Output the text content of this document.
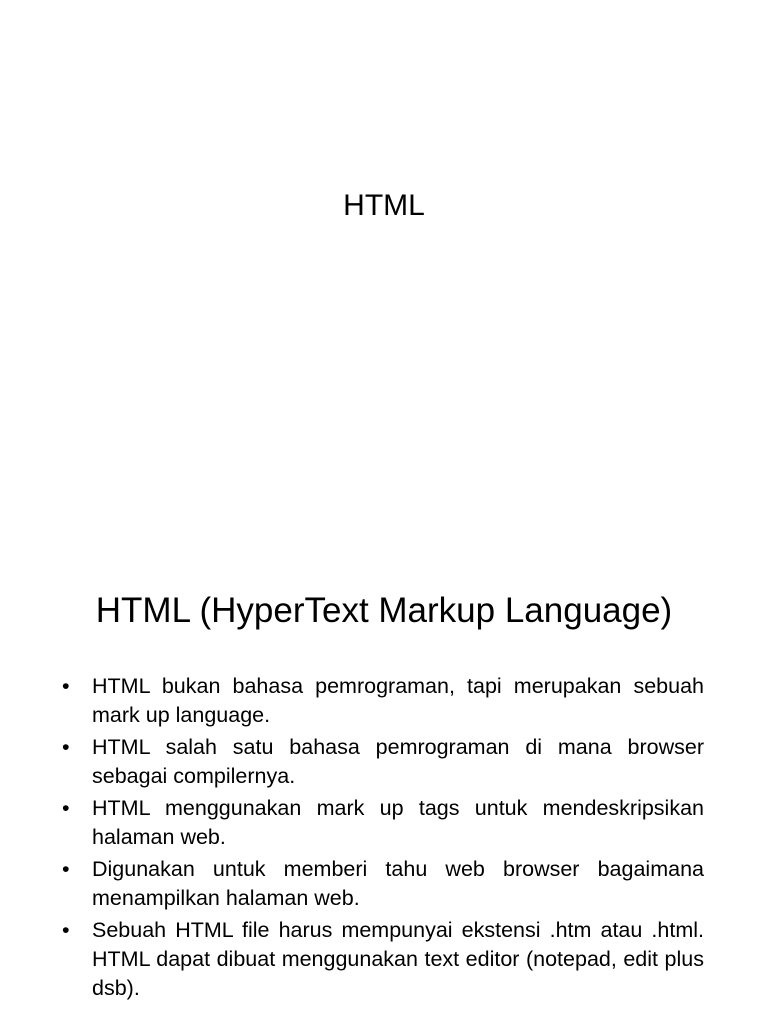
HTML
HTML (HyperText Markup Language)
• HTML bukan bahasa pemrograman, tapi merupakan sebuah mark up language.
• HTML salah satu bahasa pemrograman di mana browser sebagai compilernya.
• HTML menggunakan mark up tags untuk mendeskripsikan halaman web.
• Digunakan untuk memberi tahu web browser bagaimana menampilkan halaman web.
• Sebuah HTML file harus mempunyai ekstensi .htm atau .html. HTML dapat dibuat menggunakan text editor (notepad, edit plus dsb).
